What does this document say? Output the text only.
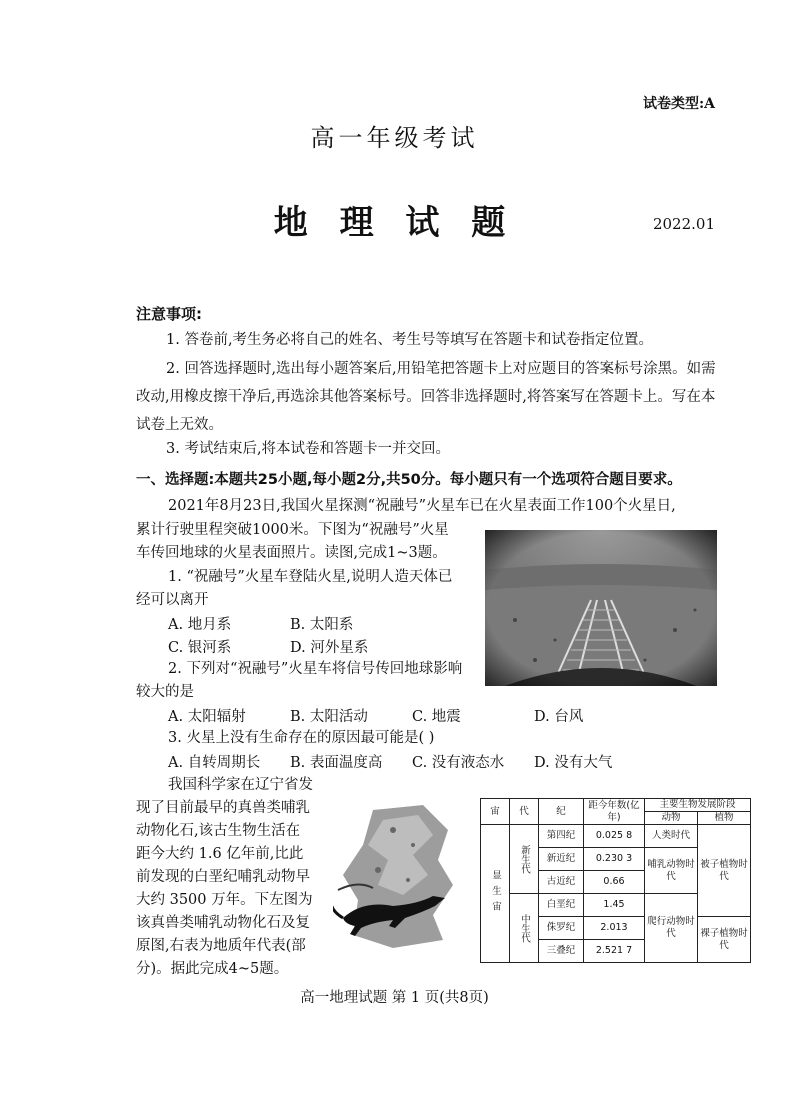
试卷类型:A
高一年级考试
地 理 试 题	2022.01
注意事项:
1. 答卷前,考生务必将自己的姓名、考生号等填写在答题卡和试卷指定位置。
2. 回答选择题时,选出每小题答案后,用铅笔把答题卡上对应题目的答案标号涂黑。如需改动,用橡皮擦干净后,再选涂其他答案标号。回答非选择题时,将答案写在答题卡上。写在本试卷上无效。
3. 考试结束后,将本试卷和答题卡一并交回。
一、选择题:本题共25小题,每小题2分,共50分。每小题只有一个选项符合题目要求。
2021年8月23日,我国火星探测“祝融号”火星车已在火星表面工作100个火星日,
累计行驶里程突破1000米。下图为“祝融号”火星
车传回地球的火星表面照片。读图,完成1~3题。
1. “祝融号”火星车登陆火星,说明人造天体已
经可以离开
A. 地月系	B. 太阳系
C. 银河系	D. 河外星系
2. 下列对“祝融号”火星车将信号传回地球影响
较大的是
A. 太阳辐射	B. 太阳活动	C. 地震	D. 台风
3. 火星上没有生命存在的原因最可能是( )
A. 自转周期长 B. 表面温度高 C. 没有液态水 D. 没有大气
我国科学家在辽宁省发
现了目前最早的真兽类哺乳
动物化石,该古生物生活在
距今大约 1.6 亿年前,比此
前发现的白垩纪哺乳动物早
大约 3500 万年。下左图为
该真兽类哺乳动物化石及复
原图,右表为地质年代表(部
分)。据此完成4~5题。
宙	代	纪	距今年数(亿年)	主要生物发展阶段	
				动物	植物
显生宙	新生代	第四纪	0.025 8	人类时代	被子植物时代
		新近纪	0.230 3	哺乳动物时代	
		古近纪	0.66		
	中生代	白垩纪	1.45	爬行动物时代	
		侏罗纪	2.013		裸子植物时代
		三叠纪	2.521 7		
高一地理试题 第 1 页(共8页)
